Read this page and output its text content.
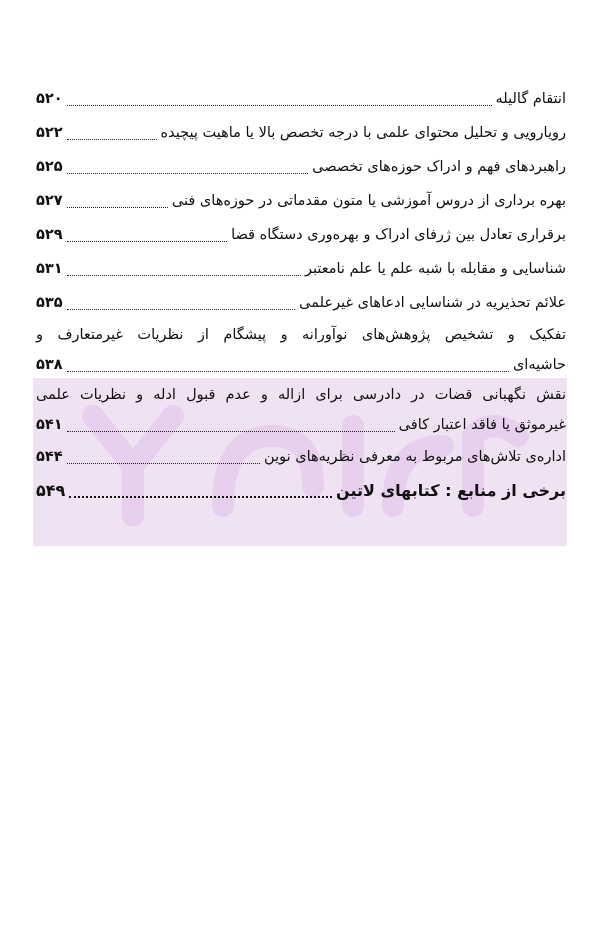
انتقام گالیله
۵۲۰
رویارویی و تحلیل محتوای علمی با درجه تخصص بالا یا ماهیت پیچیده
۵۲۲
راهبردهای فهم و ادراک حوزه‌های تخصصی
۵۲۵
بهره برداری از دروس آموزشی یا متون مقدماتی در حوزه‌های فنی
۵۲۷
برقراری تعادل بین ژرفای ادراک و بهره‌وری دستگاه قضا
۵۲۹
شناسایی و مقابله با شبه علم یا علم نامعتبر
۵۳۱
علائم تحذیریه در شناسایی ادعاهای غیرعلمی
۵۳۵
تفکیک و تشخیص پژوهش‌های نوآورانه و پیشگام از نظریات غیرمتعارف و
حاشیه‌ای
۵۳۸
نقش نگهبانی قضات در دادرسی برای ازاله و عدم قبول ادله و نظریات علمی
غیرموثق یا فاقد اعتبار کافی
۵۴۱
اداره‌ی تلاش‌های مربوط به معرفی نظریه‌های نوین
۵۴۴
برخی از منابع : کتابهای لاتین
۵۴۹
